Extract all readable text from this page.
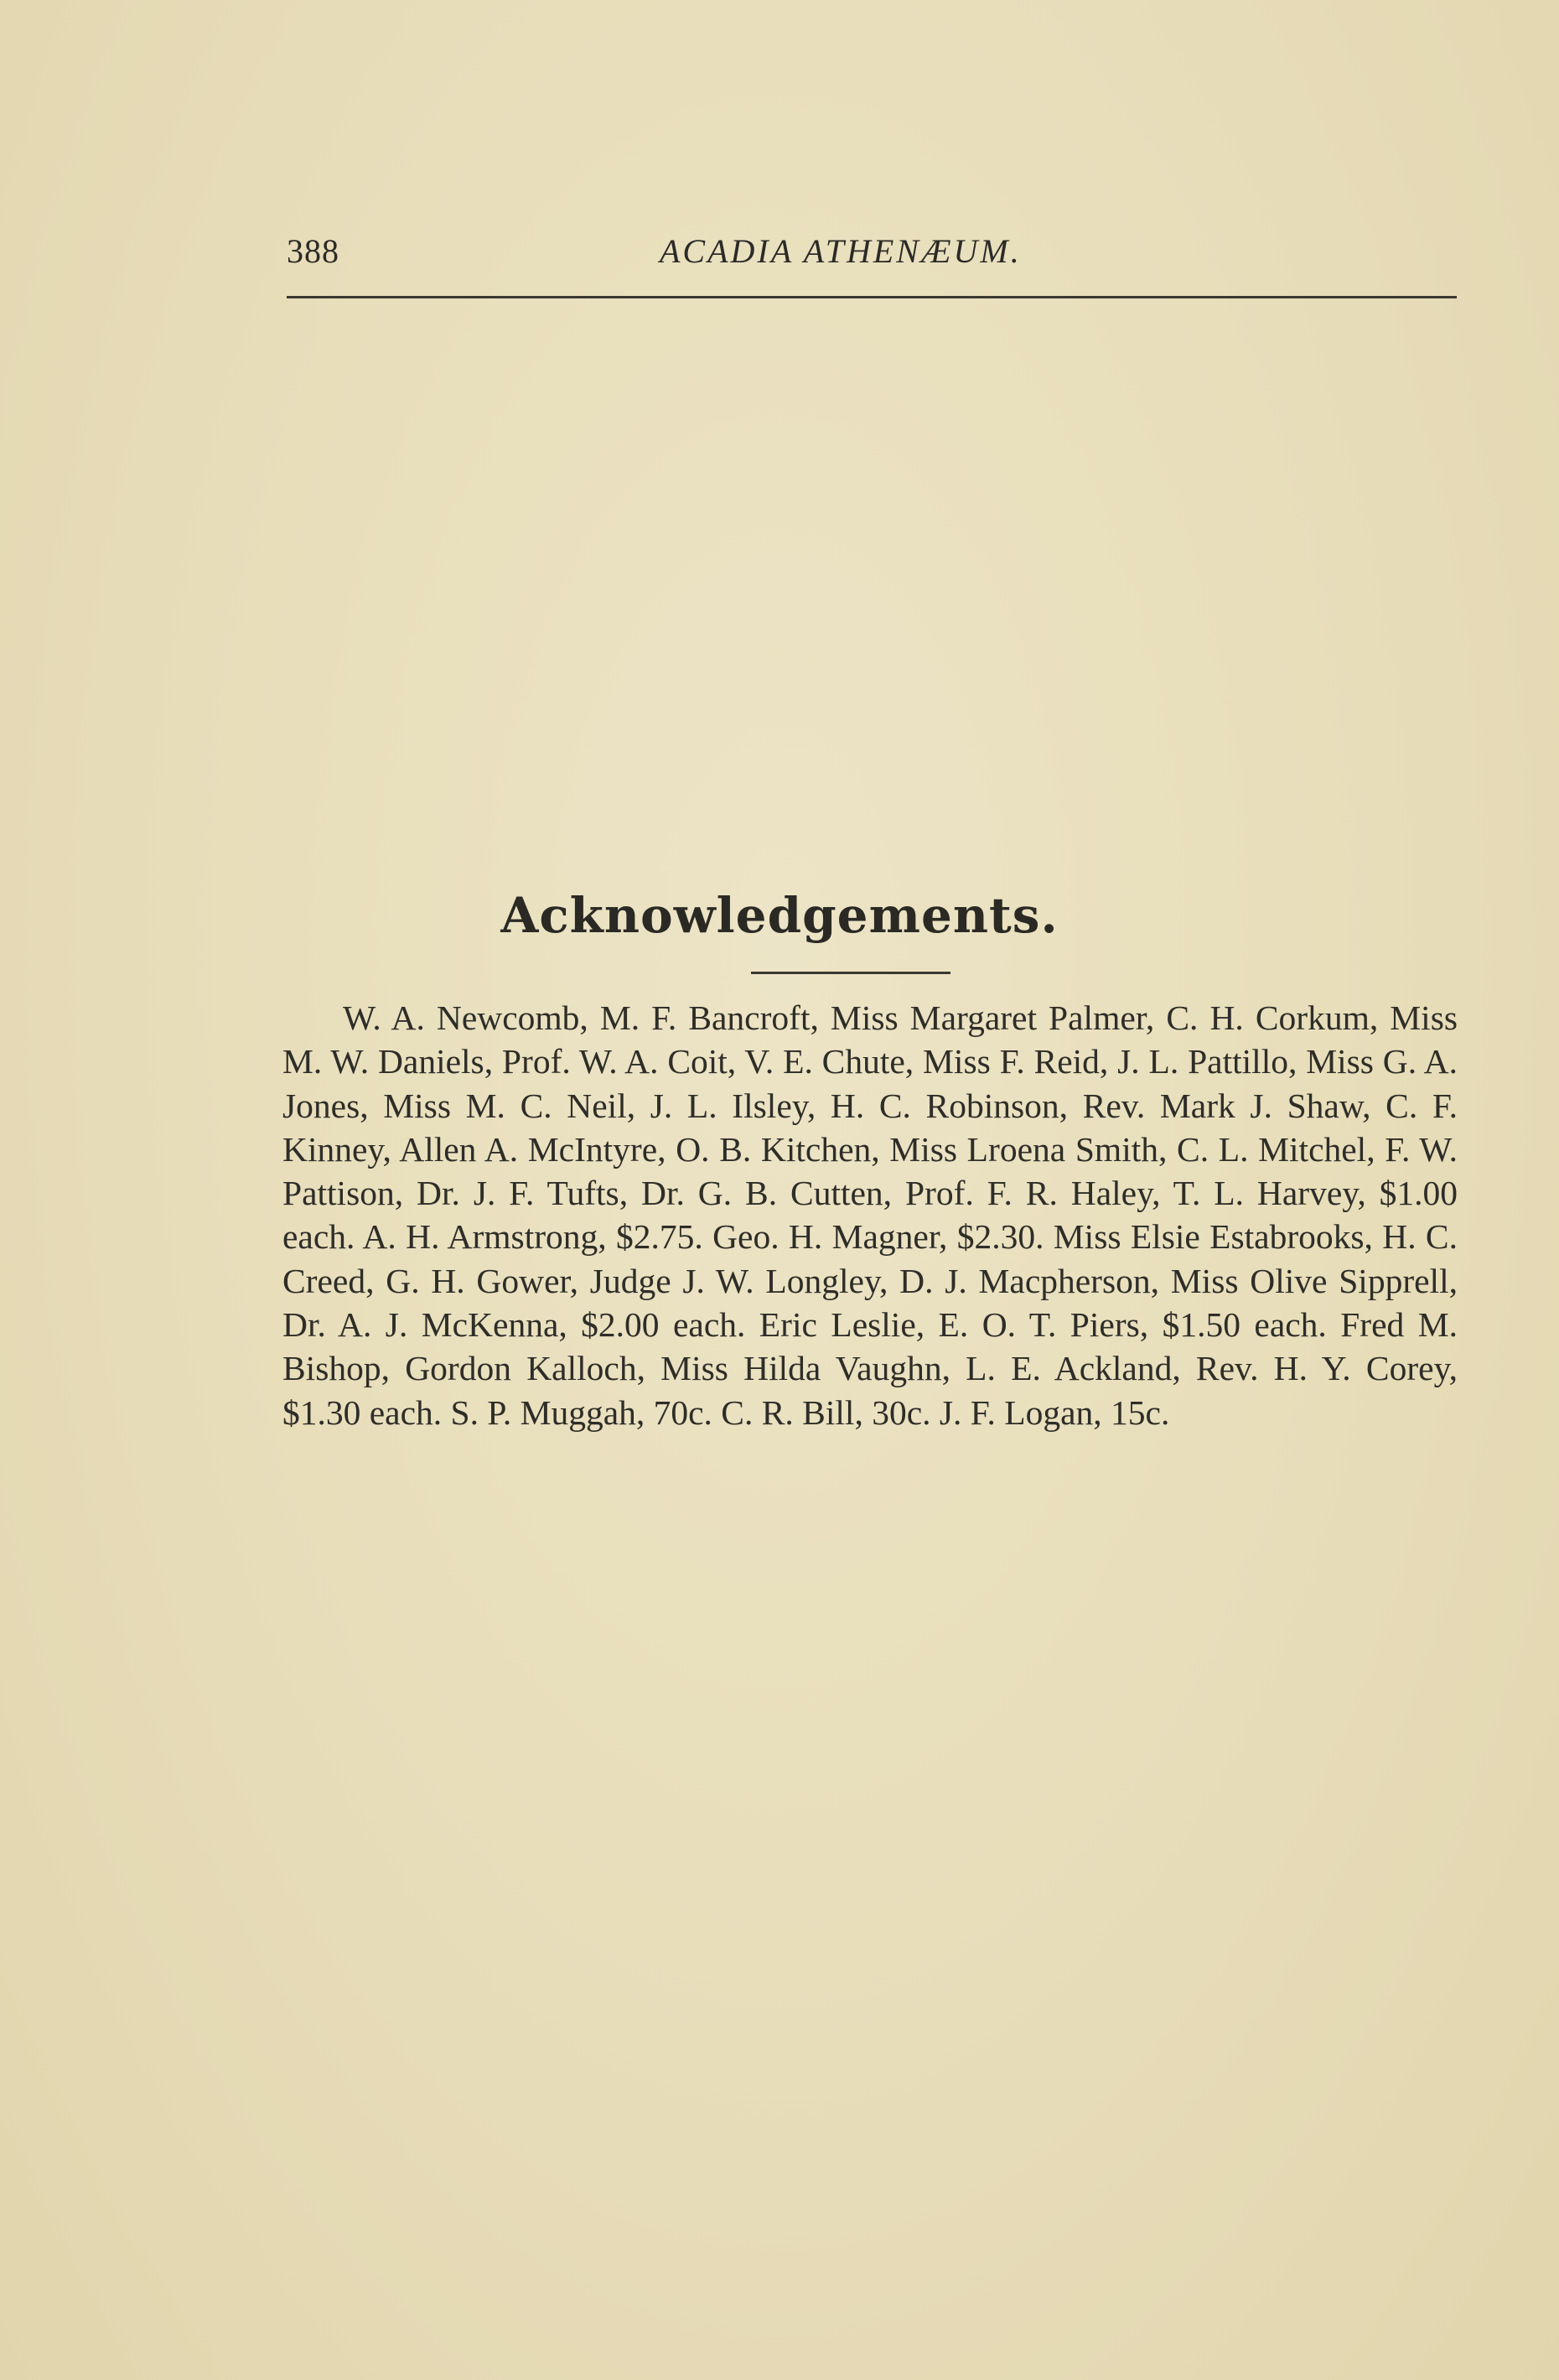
388	ACADIA ATHENÆUM.
Acknowledgements.

W. A. Newcomb, M. F. Bancroft, Miss Margaret Palmer, C. H. Corkum, Miss M. W. Daniels, Prof. W. A. Coit, V. E. Chute, Miss F. Reid, J. L. Pattillo, Miss G. A. Jones, Miss M. C. Neil, J. L. Ilsley, H. C. Robinson, Rev. Mark J. Shaw, C. F. Kinney, Allen A. McIntyre, O. B. Kitchen, Miss Lroena Smith, C. L. Mitchel, F. W. Pattison, Dr. J. F. Tufts, Dr. G. B. Cutten, Prof. F. R. Haley, T. L. Harvey, $1.00 each. A. H. Armstrong, $2.75. Geo. H. Magner, $2.30. Miss Elsie Estabrooks, H. C. Creed, G. H. Gower, Judge J. W. Longley, D. J. Macpherson, Miss Olive Sipprell, Dr. A. J. McKenna, $2.00 each. Eric Leslie, E. O. T. Piers, $1.50 each. Fred M. Bishop, Gordon Kalloch, Miss Hilda Vaughn, L. E. Ackland, Rev. H. Y. Corey, $1.30 each. S. P. Muggah, 70c. C. R. Bill, 30c. J. F. Logan, 15c.
